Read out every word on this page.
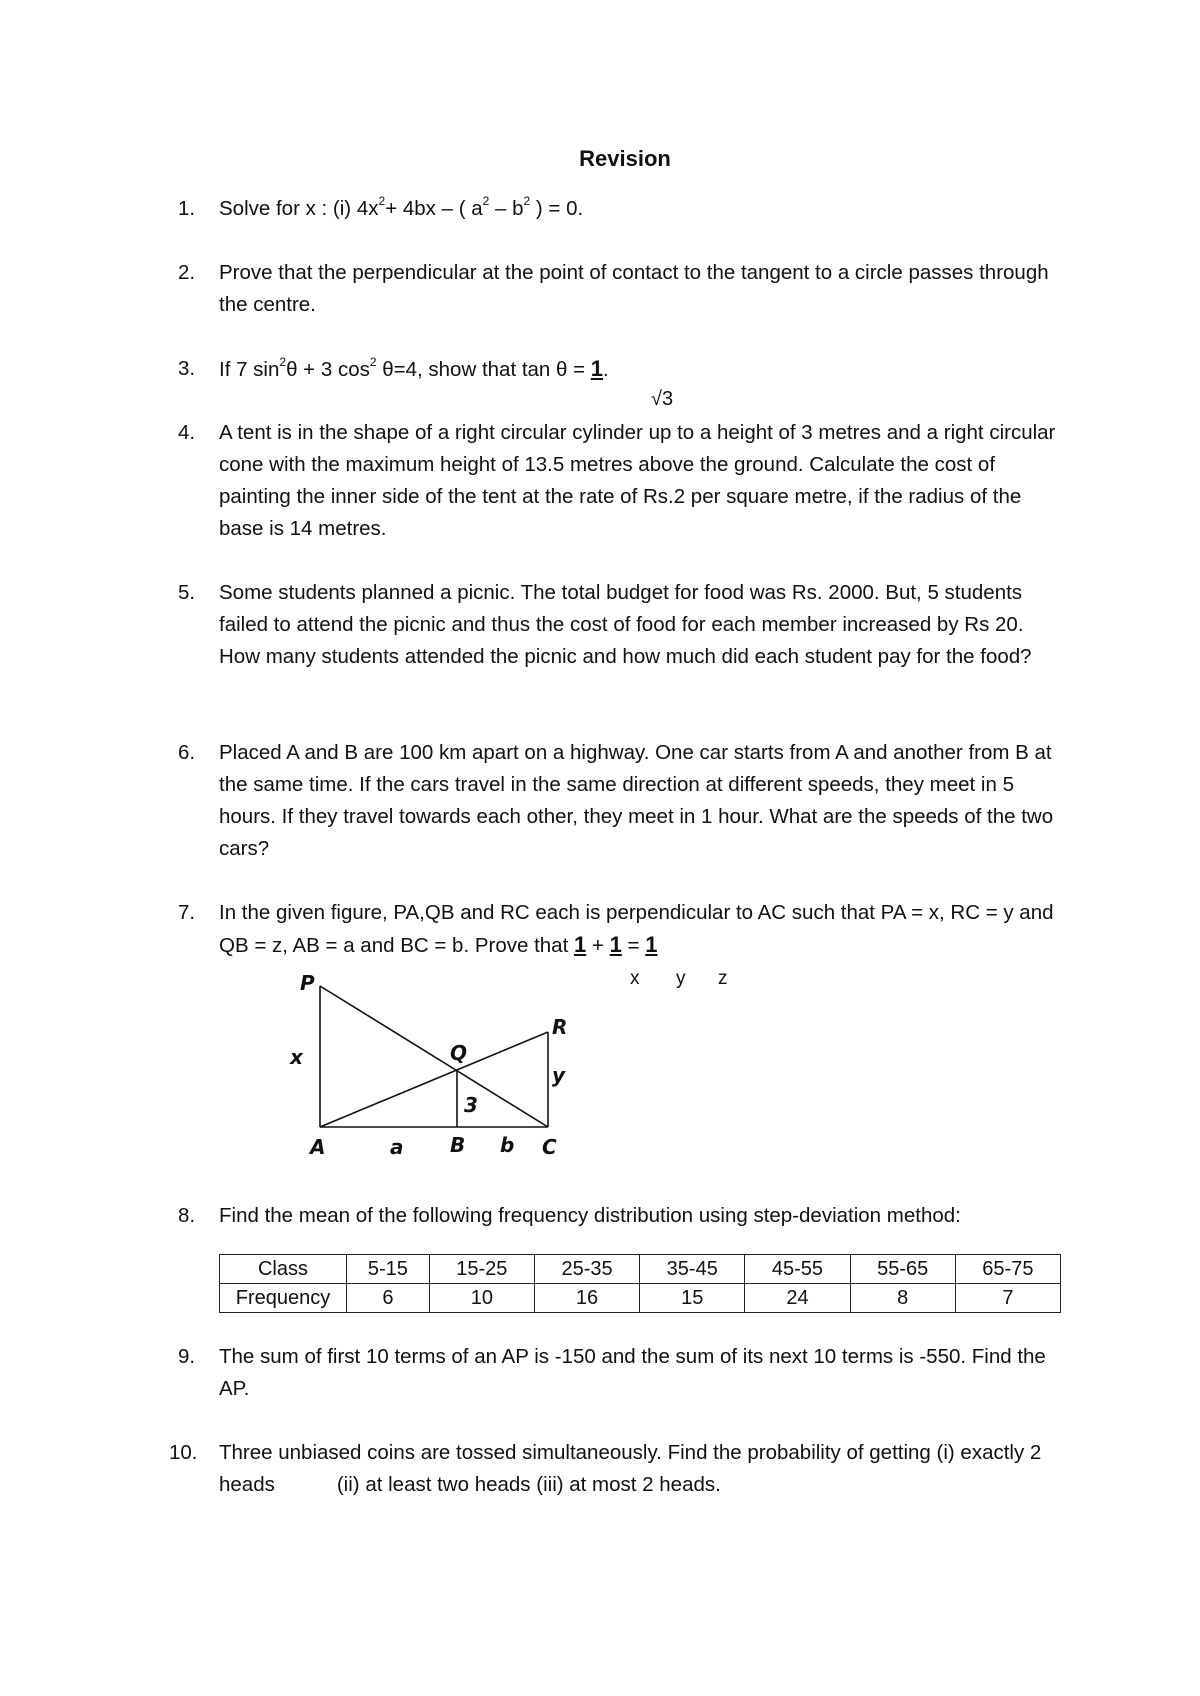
Revision
1. Solve for x : (i) $4x^2+ 4bx$ – ( $a^2 - b^2$ ) = 0.
2. Prove that the perpendicular at the point of contact to the tangent to a circle passes through the centre.
3. If 7 $\sin^2\theta + 3$ $\cos^2 \theta=4$, show that tan θ = 1.
√3
4. A tent is in the shape of a right circular cylinder up to a height of 3 metres and a right circular cone with the maximum height of 13.5 metres above the ground. Calculate the cost of painting the inner side of the tent at the rate of Rs.2 per square metre, if the radius of the base is 14 metres.
5. Some students planned a picnic. The total budget for food was Rs. 2000. But, 5 students failed to attend the picnic and thus the cost of food for each member increased by Rs 20. How many students attended the picnic and how much did each student pay for the food?
6. Placed A and B are 100 km apart on a highway. One car starts from A and another from B at the same time. If the cars travel in the same direction at different speeds, they meet in 5 hours. If they travel towards each other, they meet in 1 hour. What are the speeds of the two cars?
7. In the given figure, PA,QB and RC each is perpendicular to AC such that PA = x, RC = y and QB = z, AB = a and BC = b. Prove that 1 + 1 = 1
x y z
P
x	Q
R
y
3
A	a B b C
8. Find the mean of the following frequency distribution using step-deviation method:
Class	5-15	15-25	25-35	35-45	45-55	55-65	65-75
Frequency	6	10	16	15	24	8	7
9. The sum of first 10 terms of an AP is -150 and the sum of its next 10 terms is -550. Find the AP.
10. Three unbiased coins are tossed simultaneously. Find the probability of getting (i) exactly 2 heads	(ii) at least two heads (iii) at most 2 heads.
